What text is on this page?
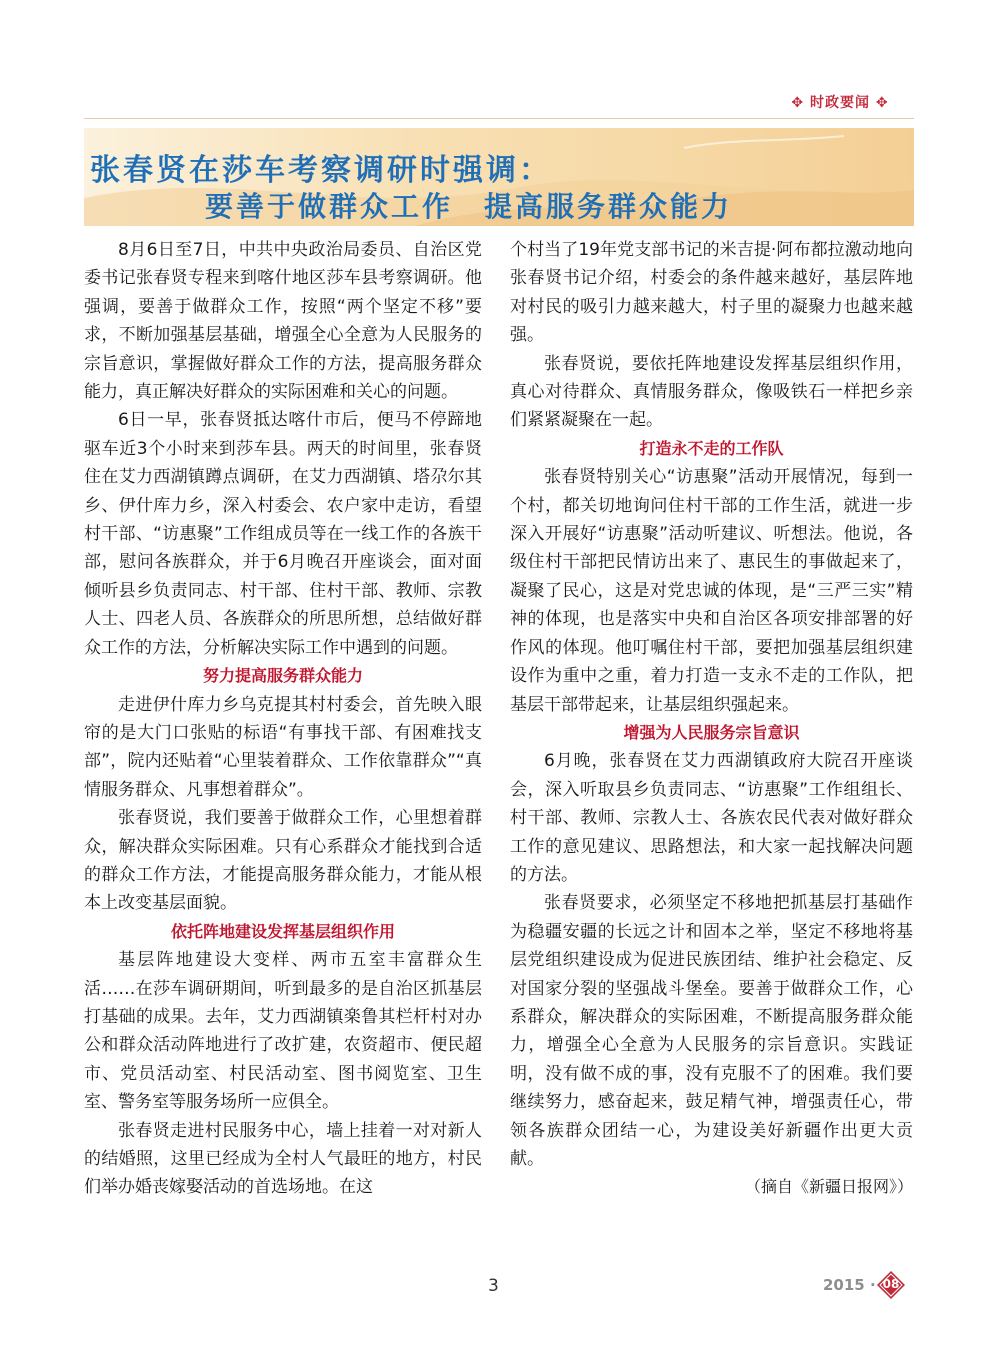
✥ 时政要闻 ✥
张春贤在莎车考察调研时强调：
要善于做群众工作　提高服务群众能力

8月6日至7日，中共中央政治局委员、自治区党委书记张春贤专程来到喀什地区莎车县考察调研。他强调，要善于做群众工作，按照“两个坚定不移”要求，不断加强基层基础，增强全心全意为人民服务的宗旨意识，掌握做好群众工作的方法，提高服务群众能力，真正解决好群众的实际困难和关心的问题。

6日一早，张春贤抵达喀什市后，便马不停蹄地驱车近3个小时来到莎车县。两天的时间里，张春贤住在艾力西湖镇蹲点调研，在艾力西湖镇、塔尕尔其乡、伊什库力乡，深入村委会、农户家中走访，看望村干部、“访惠聚”工作组成员等在一线工作的各族干部，慰问各族群众，并于6月晚召开座谈会，面对面倾听县乡负责同志、村干部、住村干部、教师、宗教人士、四老人员、各族群众的所思所想，总结做好群众工作的方法，分析解决实际工作中遇到的问题。

努力提高服务群众能力

走进伊什库力乡乌克提其村村委会，首先映入眼帘的是大门口张贴的标语“有事找干部、有困难找支部”，院内还贴着“心里装着群众、工作依靠群众”“真情服务群众、凡事想着群众”。

张春贤说，我们要善于做群众工作，心里想着群众，解决群众实际困难。只有心系群众才能找到合适的群众工作方法，才能提高服务群众能力，才能从根本上改变基层面貌。

依托阵地建设发挥基层组织作用

基层阵地建设大变样、两市五室丰富群众生活……在莎车调研期间，听到最多的是自治区抓基层打基础的成果。去年，艾力西湖镇楽鲁其栏杆村对办公和群众活动阵地进行了改扩建，农资超市、便民超市、党员活动室、村民活动室、图书阅览室、卫生室、警务室等服务场所一应俱全。

张春贤走进村民服务中心，墙上挂着一对对新人的结婚照，这里已经成为全村人气最旺的地方，村民们举办婚丧嫁娶活动的首选场地。在这

个村当了19年党支部书记的米吉提·阿布都拉激动地向张春贤书记介绍，村委会的条件越来越好，基层阵地对村民的吸引力越来越大，村子里的凝聚力也越来越强。

张春贤说，要依托阵地建设发挥基层组织作用，真心对待群众、真情服务群众，像吸铁石一样把乡亲们紧紧凝聚在一起。

打造永不走的工作队

张春贤特别关心“访惠聚”活动开展情况，每到一个村，都关切地询问住村干部的工作生活，就进一步深入开展好“访惠聚”活动听建议、听想法。他说，各级住村干部把民情访出来了、惠民生的事做起来了，凝聚了民心，这是对党忠诚的体现，是“三严三实”精神的体现，也是落实中央和自治区各项安排部署的好作风的体现。他叮嘱住村干部，要把加强基层组织建设作为重中之重，着力打造一支永不走的工作队，把基层干部带起来，让基层组织强起来。

增强为人民服务宗旨意识

6月晚，张春贤在艾力西湖镇政府大院召开座谈会，深入听取县乡负责同志、“访惠聚”工作组组长、村干部、教师、宗教人士、各族农民代表对做好群众工作的意见建议、思路想法，和大家一起找解决问题的方法。

张春贤要求，必须坚定不移地把抓基层打基础作为稳疆安疆的长远之计和固本之举，坚定不移地将基层党组织建设成为促进民族团结、维护社会稳定、反对国家分裂的坚强战斗堡垒。要善于做群众工作，心系群众，解决群众的实际困难，不断提高服务群众能力，增强全心全意为人民服务的宗旨意识。实践证明，没有做不成的事，没有克服不了的困难。我们要继续努力，感奋起来，鼓足精气神，增强责任心，带领各族群众团结一心，为建设美好新疆作出更大贡献。

（摘自《新疆日报网》）

3	2015 · 08
